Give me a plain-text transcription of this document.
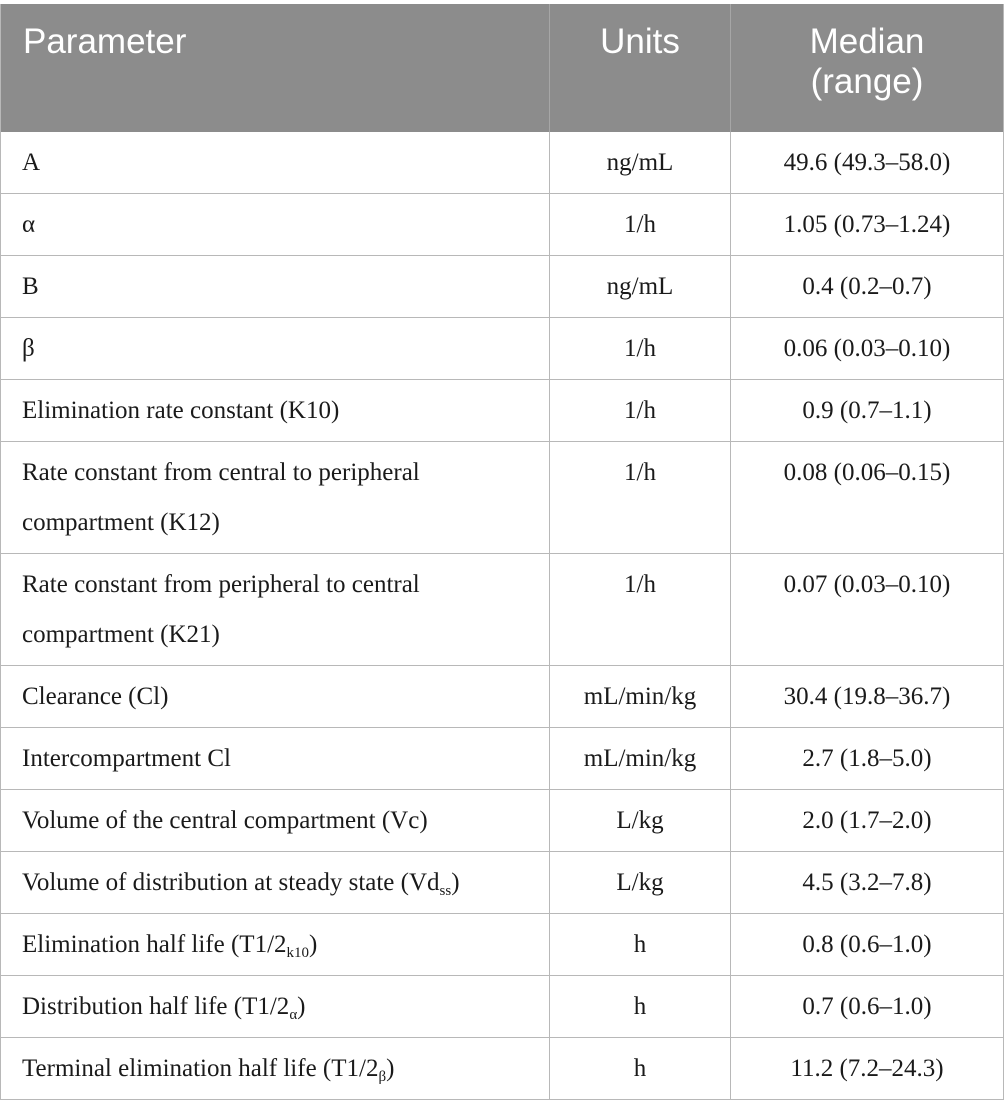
Parameter	Units	Median
(range)
A	ng/mL	49.6 (49.3–58.0)
α	1/h	1.05 (0.73–1.24)
B	ng/mL	0.4 (0.2–0.7)
β	1/h	0.06 (0.03–0.10)
Elimination rate constant (K10)	1/h	0.9 (0.7–1.1)
Rate constant from central to peripheral compartment (K12)	1/h	0.08 (0.06–0.15)
Rate constant from peripheral to central compartment (K21)	1/h	0.07 (0.03–0.10)
Clearance (Cl)	mL/min/kg	30.4 (19.8–36.7)
Intercompartment Cl	mL/min/kg	2.7 (1.8–5.0)
Volume of the central compartment (Vc)	L/kg	2.0 (1.7–2.0)
Volume of distribution at steady state $(Vd_{ss})$	L/kg	4.5 (3.2–7.8)
Elimination half life $(T1/2_{k10})$	h	0.8 (0.6–1.0)
Distribution half life $(T1/2_\alpha)$	h	0.7 (0.6–1.0)
Terminal elimination half life $(T1/2_\beta)$	h	11.2 (7.2–24.3)
